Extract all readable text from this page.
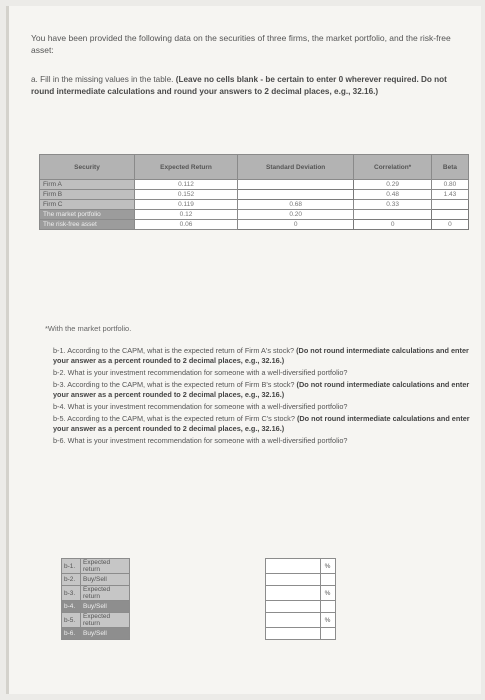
You have been provided the following data on the securities of three firms, the market portfolio, and the risk-free asset:
a. Fill in the missing values in the table. (Leave no cells blank - be certain to enter 0 wherever required. Do not round intermediate calculations and round your answers to 2 decimal places, e.g., 32.16.)
Security	Expected Return	Standard Deviation	Correlation*	Beta
Firm A	0.112		0.29	0.80
Firm B	0.152		0.48	1.43
Firm C	0.119	0.68	0.33	
The market portfolio	0.12	0.20		
The risk-free asset	0.06	0	0	0
*With the market portfolio.
b-1. According to the CAPM, what is the expected return of Firm A's stock? (Do not round intermediate calculations and enter your answer as a percent rounded to 2 decimal places, e.g., 32.16.)
b-2. What is your investment recommendation for someone with a well-diversified portfolio?
b-3. According to the CAPM, what is the expected return of Firm B's stock? (Do not round intermediate calculations and enter your answer as a percent rounded to 2 decimal places, e.g., 32.16.)
b-4. What is your investment recommendation for someone with a well-diversified portfolio?
b-5. According to the CAPM, what is the expected return of Firm C's stock? (Do not round intermediate calculations and enter your answer as a percent rounded to 2 decimal places, e.g., 32.16.)
b-6. What is your investment recommendation for someone with a well-diversified portfolio?
b-1.	Expected return			%	
b-2.	Buy/Sell				
b-3.	Expected return			%	
b-4.	Buy/Sell				
b-5.	Expected return			%	
b-6.	Buy/Sell				
